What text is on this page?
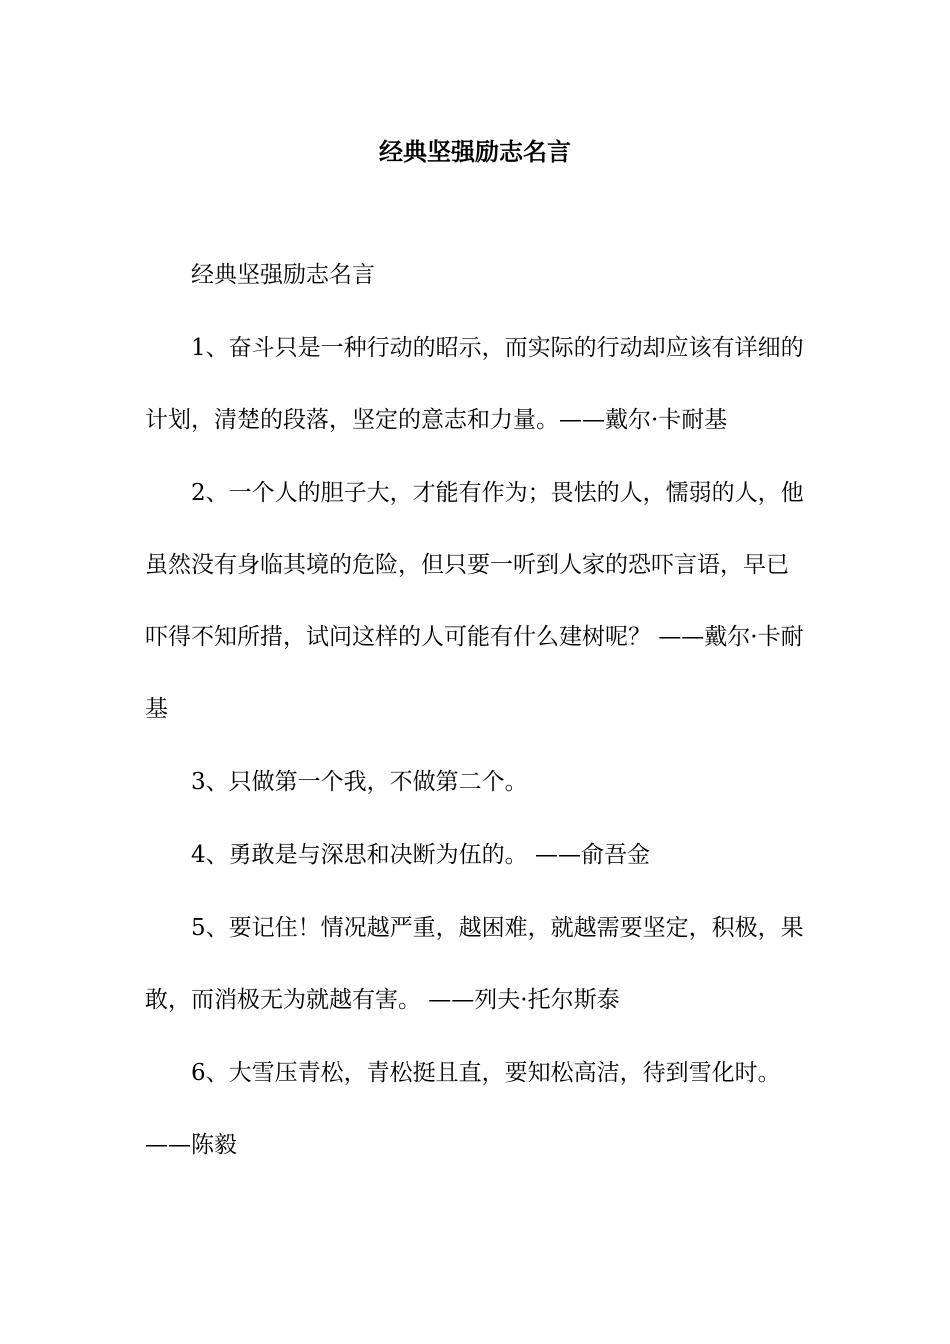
经典坚强励志名言

经典坚强励志名言

1、奋斗只是一种行动的昭示，而实际的行动却应该有详细的计划，清楚的段落，坚定的意志和力量。——戴尔·卡耐基

2、一个人的胆子大，才能有作为；畏怯的人，懦弱的人，他虽然没有身临其境的危险，但只要一听到人家的恐吓言语，早已吓得不知所措，试问这样的人可能有什么建树呢？ ——戴尔·卡耐基

3、只做第一个我，不做第二个。

4、勇敢是与深思和决断为伍的。 ——俞吾金

5、要记住！情况越严重，越困难，就越需要坚定，积极，果敢，而消极无为就越有害。 ——列夫·托尔斯泰

6、大雪压青松，青松挺且直，要知松高洁，待到雪化时。——陈毅
